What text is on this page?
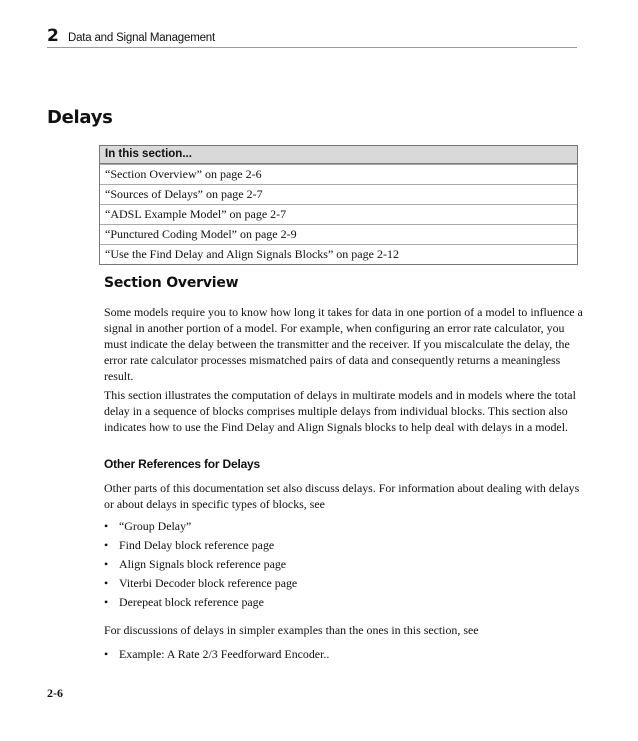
2 Data and Signal Management
Delays
In this section...
“Section Overview” on page 2-6
“Sources of Delays” on page 2-7
“ADSL Example Model” on page 2-7
“Punctured Coding Model” on page 2-9
“Use the Find Delay and Align Signals Blocks” on page 2-12
Section Overview

Some models require you to know how long it takes for data in one portion of a model to influence a signal in another portion of a model. For example, when configuring an error rate calculator, you must indicate the delay between the transmitter and the receiver. If you miscalculate the delay, the error rate calculator processes mismatched pairs of data and consequently returns a meaningless result.

This section illustrates the computation of delays in multirate models and in models where the total delay in a sequence of blocks comprises multiple delays from individual blocks. This section also indicates how to use the Find Delay and Align Signals blocks to help deal with delays in a model.

Other References for Delays

Other parts of this documentation set also discuss delays. For information about dealing with delays or about delays in specific types of blocks, see

• “Group Delay”
• Find Delay block reference page
• Align Signals block reference page
• Viterbi Decoder block reference page
• Derepeat block reference page

For discussions of delays in simpler examples than the ones in this section, see

• Example: A Rate 2/3 Feedforward Encoder..
2-6
